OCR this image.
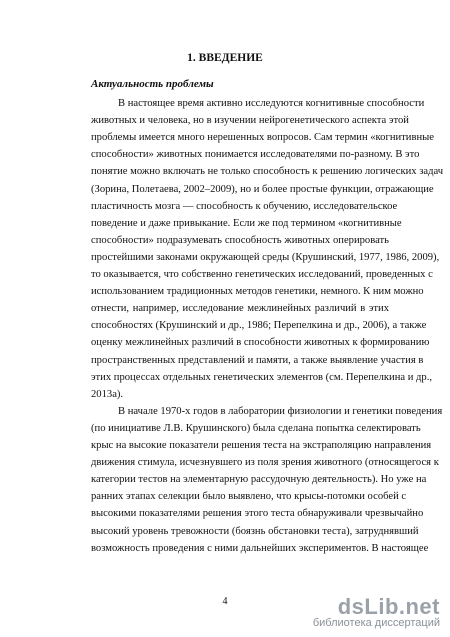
1. ВВЕДЕНИЕ
Актуальность проблемы
В настоящее время активно исследуются когнитивные способности
животных и человека, но в изучении нейрогенетического аспекта этой
проблемы имеется много нерешенных вопросов. Сам термин «когнитивные
способности» животных понимается исследователями по-разному. В это
понятие можно включать не только способность к решению логических задач
(Зорина, Полетаева, 2002–2009), но и более простые функции, отражающие
пластичность мозга — способность к обучению, исследовательское
поведение и даже привыкание. Если же под термином «когнитивные
способности» подразумевать способность животных оперировать
простейшими законами окружающей среды (Крушинский, 1977, 1986, 2009),
то оказывается, что собственно генетических исследований, проведенных с
использованием традиционных методов генетики, немного. К ним можно
отнести, например, исследование межлинейных различий в этих
способностях (Крушинский и др., 1986; Перепелкина и др., 2006), а также
оценку межлинейных различий в способности животных к формированию
пространственных представлений и памяти, а также выявление участия в
этих процессах отдельных генетических элементов (см. Перепелкина и др.,
2013а).
В начале 1970-х годов в лаборатории физиологии и генетики поведения
(по инициативе Л.В. Крушинского) была сделана попытка селектировать
крыс на высокие показатели решения теста на экстраполяцию направления
движения стимула, исчезнувшего из поля зрения животного (относящегося к
категории тестов на элементарную рассудочную деятельность). Но уже на
ранних этапах селекции было выявлено, что крысы-потомки особей с
высокими показателями решения этого теста обнаруживали чрезвычайно
высокий уровень тревожности (боязнь обстановки теста), затруднявший
возможность проведения с ними дальнейших экспериментов. В настоящее
4	dsLib.net
библиотека диссертаций
